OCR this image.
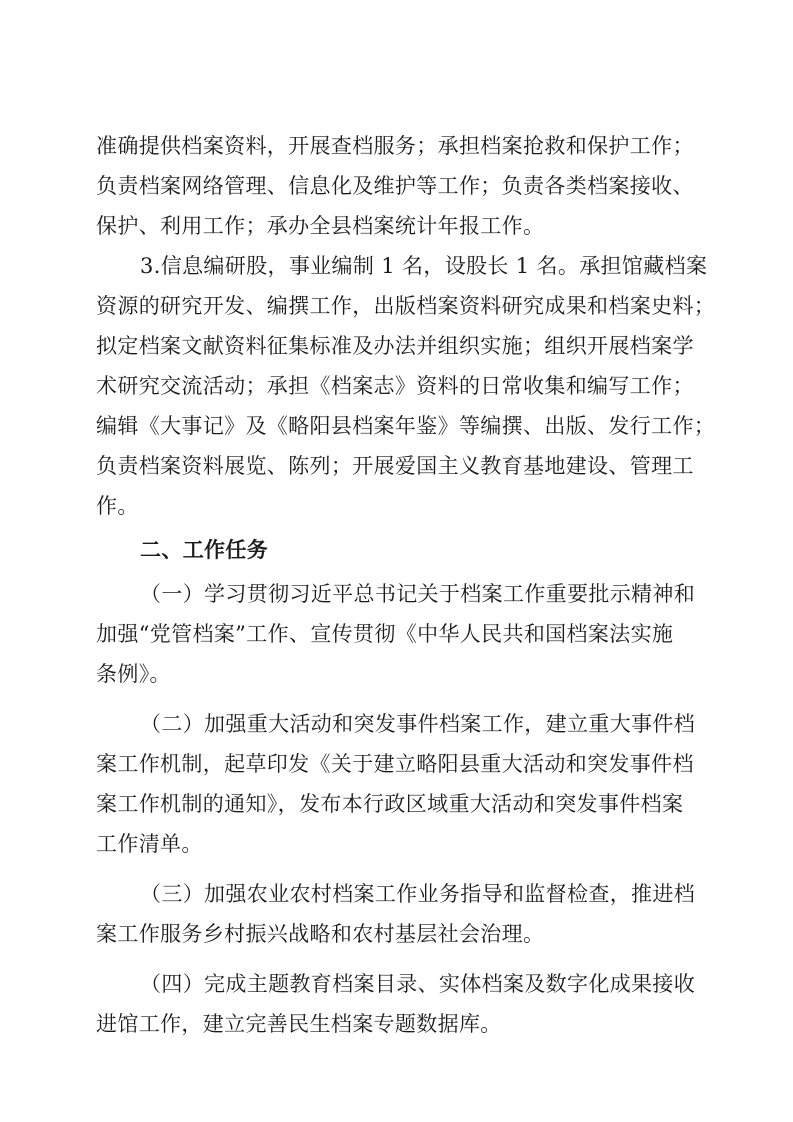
准确提供档案资料，开展查档服务；承担档案抢救和保护工作；
负责档案网络管理、信息化及维护等工作；负责各类档案接收、
保护、利用工作；承办全县档案统计年报工作。
3.信息编研股，事业编制 1 名，设股长 1 名。承担馆藏档案
资源的研究开发、编撰工作，出版档案资料研究成果和档案史料；
拟定档案文献资料征集标准及办法并组织实施；组织开展档案学
术研究交流活动；承担《档案志》资料的日常收集和编写工作；
编辑《大事记》及《略阳县档案年鉴》等编撰、出版、发行工作；
负责档案资料展览、陈列；开展爱国主义教育基地建设、管理工
作。
二、工作任务
（一）学习贯彻习近平总书记关于档案工作重要批示精神和
加强“党管档案”工作、宣传贯彻《中华人民共和国档案法实施
条例》。
（二）加强重大活动和突发事件档案工作，建立重大事件档
案工作机制，起草印发《关于建立略阳县重大活动和突发事件档
案工作机制的通知》，发布本行政区域重大活动和突发事件档案
工作清单。
（三）加强农业农村档案工作业务指导和监督检查，推进档
案工作服务乡村振兴战略和农村基层社会治理。
（四）完成主题教育档案目录、实体档案及数字化成果接收
进馆工作，建立完善民生档案专题数据库。
